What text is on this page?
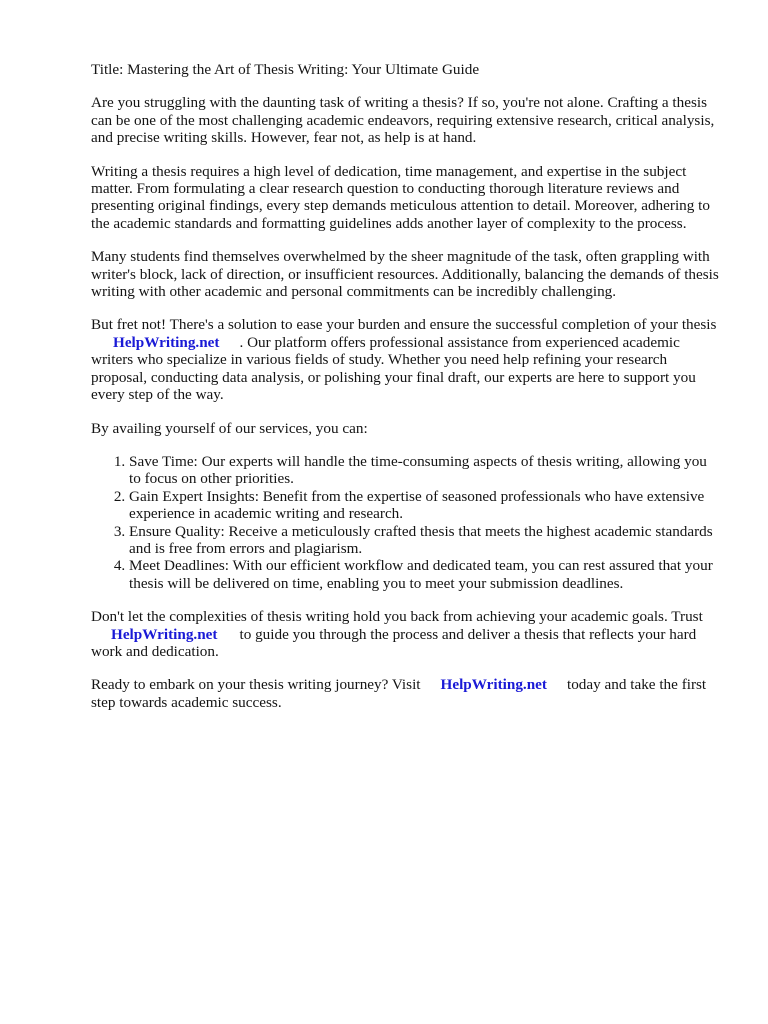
Title: Mastering the Art of Thesis Writing: Your Ultimate Guide

Are you struggling with the daunting task of writing a thesis? If so, you're not alone. Crafting a thesis can be one of the most challenging academic endeavors, requiring extensive research, critical analysis, and precise writing skills. However, fear not, as help is at hand.

Writing a thesis requires a high level of dedication, time management, and expertise in the subject matter. From formulating a clear research question to conducting thorough literature reviews and presenting original findings, every step demands meticulous attention to detail. Moreover, adhering to the academic standards and formatting guidelines adds another layer of complexity to the process.

Many students find themselves overwhelmed by the sheer magnitude of the task, often grappling with writer's block, lack of direction, or insufficient resources. Additionally, balancing the demands of thesis writing with other academic and personal commitments can be incredibly challenging.

But fret not! There's a solution to ease your burden and ensure the successful completion of your thesisHelpWriting.net . Our platform offers professional assistance from experienced academic writers who specialize in various fields of study. Whether you need help refining your research proposal, conducting data analysis, or polishing your final draft, our experts are here to support you every step of the way.

By availing yourself of our services, you can:

1. Save Time: Our experts will handle the time-consuming aspects of thesis writing, allowing you to focus on other priorities.
2. Gain Expert Insights: Benefit from the expertise of seasoned professionals who have extensive experience in academic writing and research.
3. Ensure Quality: Receive a meticulously crafted thesis that meets the highest academic standards and is free from errors and plagiarism.
4. Meet Deadlines: With our efficient workflow and dedicated team, you can rest assured that your thesis will be delivered on time, enabling you to meet your submission deadlines.

Don't let the complexities of thesis writing hold you back from achieving your academic goals. Trust
HelpWriting.net to guide you through the process and deliver a thesis that reflects your hard work and dedication.

Ready to embark on your thesis writing journey? Visit HelpWriting.net today and take the first step towards academic success.
